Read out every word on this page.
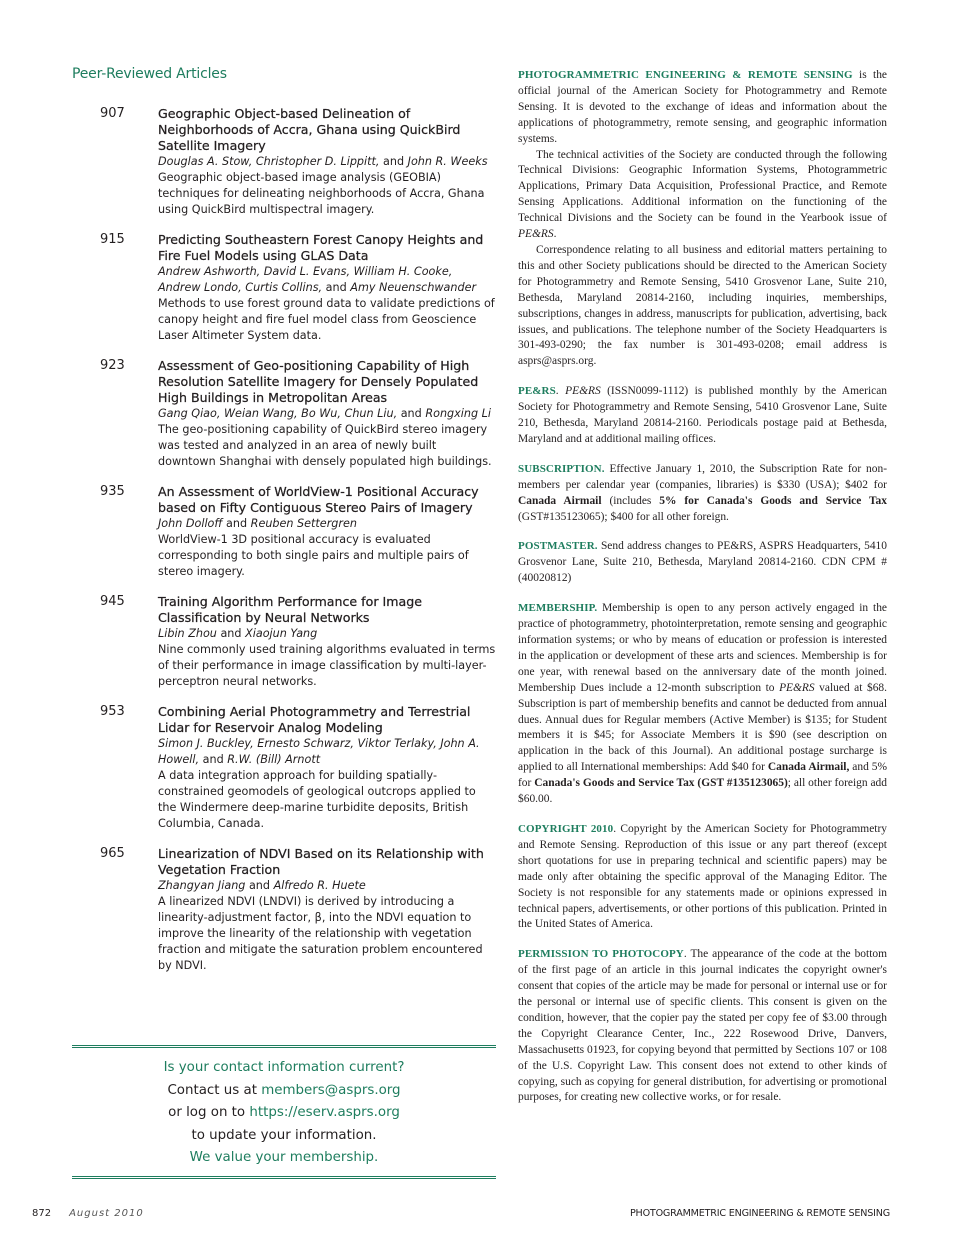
Peer-Reviewed Articles
907	Geographic Object-based Delineation of Neighborhoods of Accra, Ghana using QuickBird Satellite Imagery
Douglas A. Stow, Christopher D. Lippitt, and John R. Weeks
Geographic object-based image analysis (GEOBIA) techniques for delineating neighborhoods of Accra, Ghana using QuickBird multispectral imagery.
915	Predicting Southeastern Forest Canopy Heights and Fire Fuel Models using GLAS Data
Andrew Ashworth, David L. Evans, William H. Cooke, Andrew Londo, Curtis Collins, and Amy Neuenschwander
Methods to use forest ground data to validate predictions of canopy height and fire fuel model class from Geoscience Laser Altimeter System data.
923	Assessment of Geo-positioning Capability of High Resolution Satellite Imagery for Densely Populated High Buildings in Metropolitan Areas
Gang Qiao, Weian Wang, Bo Wu, Chun Liu, and Rongxing Li
The geo-positioning capability of QuickBird stereo imagery was tested and analyzed in an area of newly built downtown Shanghai with densely populated high buildings.
935	An Assessment of WorldView-1 Positional Accuracy based on Fifty Contiguous Stereo Pairs of Imagery
John Dolloff and Reuben Settergren
WorldView-1 3D positional accuracy is evaluated corresponding to both single pairs and multiple pairs of stereo imagery.
945	Training Algorithm Performance for Image Classification by Neural Networks
Libin Zhou and Xiaojun Yang
Nine commonly used training algorithms evaluated in terms of their performance in image classification by multi-layer-perceptron neural networks.
953	Combining Aerial Photogrammetry and Terrestrial Lidar for Reservoir Analog Modeling
Simon J. Buckley, Ernesto Schwarz, Viktor Terlaky, John A. Howell, and R.W. (Bill) Arnott
A data integration approach for building spatially-constrained geomodels of geological outcrops applied to the Windermere deep-marine turbidite deposits, British Columbia, Canada.
965	Linearization of NDVI Based on its Relationship with Vegetation Fraction
Zhangyan Jiang and Alfredo R. Huete
A linearized NDVI (LNDVI) is derived by introducing a linearity-adjustment factor, β, into the NDVI equation to improve the linearity of the relationship with vegetation fraction and mitigate the saturation problem encountered by NDVI.
Is your contact information current?
Contact us at members@asprs.org
or log on to https://eserv.asprs.org
to update your information.
We value your membership.

PHOTOGRAMMETRIC ENGINEERING & REMOTE SENSING is the official journal of the American Society for Photogrammetry and Remote Sensing. It is devoted to the exchange of ideas and information about the applications of photogrammetry, remote sensing, and geographic information systems.

The technical activities of the Society are conducted through the following Technical Divisions: Geographic Information Systems, Photogrammetric Applications, Primary Data Acquisition, Professional Practice, and Remote Sensing Applications. Additional information on the functioning of the Technical Divisions and the Society can be found in the Yearbook issue of PE&RS.

Correspondence relating to all business and editorial matters pertaining to this and other Society publications should be directed to the American Society for Photogrammetry and Remote Sensing, 5410 Grosvenor Lane, Suite 210, Bethesda, Maryland 20814-2160, including inquiries, memberships, subscriptions, changes in address, manuscripts for publication, advertising, back issues, and publications. The telephone number of the Society Headquarters is 301-493-0290; the fax number is 301-493-0208; email address is asprs@asprs.org.

PE&RS. PE&RS (ISSN0099-1112) is published monthly by the American Society for Photogrammetry and Remote Sensing, 5410 Grosvenor Lane, Suite 210, Bethesda, Maryland 20814-2160. Periodicals postage paid at Bethesda, Maryland and at additional mailing offices.

SUBSCRIPTION. Effective January 1, 2010, the Subscription Rate for non-members per calendar year (companies, libraries) is $330 (USA); $402 for Canada Airmail (includes 5% for Canada's Goods and Service Tax (GST#135123065); $400 for all other foreign.

POSTMASTER. Send address changes to PE&RS, ASPRS Headquarters, 5410 Grosvenor Lane, Suite 210, Bethesda, Maryland 20814-2160. CDN CPM #(40020812)

MEMBERSHIP. Membership is open to any person actively engaged in the practice of photogrammetry, photointerpretation, remote sensing and geographic information systems; or who by means of education or profession is interested in the application or development of these arts and sciences. Membership is for one year, with renewal based on the anniversary date of the month joined. Membership Dues include a 12-month subscription to PE&RS valued at $68. Subscription is part of membership benefits and cannot be deducted from annual dues. Annual dues for Regular members (Active Member) is $135; for Student members it is $45; for Associate Members it is $90 (see description on application in the back of this Journal). An additional postage surcharge is applied to all International memberships: Add $40 for Canada Airmail, and 5% for Canada's Goods and Service Tax (GST #135123065); all other foreign add $60.00.

COPYRIGHT 2010. Copyright by the American Society for Photogrammetry and Remote Sensing. Reproduction of this issue or any part thereof (except short quotations for use in preparing technical and scientific papers) may be made only after obtaining the specific approval of the Managing Editor. The Society is not responsible for any statements made or opinions expressed in technical papers, advertisements, or other portions of this publication. Printed in the United States of America.

PERMISSION TO PHOTOCOPY. The appearance of the code at the bottom of the first page of an article in this journal indicates the copyright owner's consent that copies of the article may be made for personal or internal use or for the personal or internal use of specific clients. This consent is given on the condition, however, that the copier pay the stated per copy fee of $3.00 through the Copyright Clearance Center, Inc., 222 Rosewood Drive, Danvers, Massachusetts 01923, for copying beyond that permitted by Sections 107 or 108 of the U.S. Copyright Law. This consent does not extend to other kinds of copying, such as copying for general distribution, for advertising or promotional purposes, for creating new collective works, or for resale.

872 August 2010	PHOTOGRAMMETRIC ENGINEERING & REMOTE SENSING
